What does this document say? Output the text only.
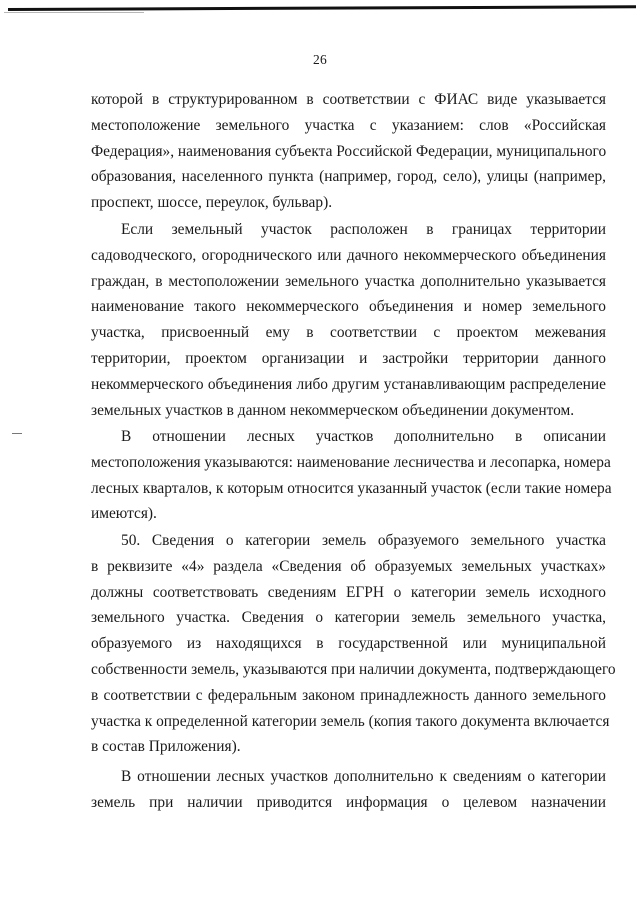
26
которой в структурированном в соответствии с ФИАС виде указывается
местоположение земельного участка с указанием: слов «Российская
Федерация», наименования субъекта Российской Федерации, муниципального
образования, населенного пункта (например, город, село), улицы (например,
проспект, шоссе, переулок, бульвар).
Если земельный участок расположен в границах территории
садоводческого, огороднического или дачного некоммерческого объединения
граждан, в местоположении земельного участка дополнительно указывается
наименование такого некоммерческого объединения и номер земельного
участка, присвоенный ему в соответствии с проектом межевания
территории, проектом организации и застройки территории данного
некоммерческого объединения либо другим устанавливающим распределение
земельных участков в данном некоммерческом объединении документом.
В отношении лесных участков дополнительно в описании
местоположения указываются: наименование лесничества и лесопарка, номера
лесных кварталов, к которым относится указанный участок (если такие номера
имеются).
50. Сведения о категории земель образуемого земельного участка
в реквизите «4» раздела «Сведения об образуемых земельных участках»
должны соответствовать сведениям ЕГРН о категории земель исходного
земельного участка. Сведения о категории земель земельного участка,
образуемого из находящихся в государственной или муниципальной
собственности земель, указываются при наличии документа, подтверждающего
в соответствии с федеральным законом принадлежность данного земельного
участка к определенной категории земель (копия такого документа включается
в состав Приложения).
В отношении лесных участков дополнительно к сведениям о категории
земель при наличии приводится информация о целевом назначении
